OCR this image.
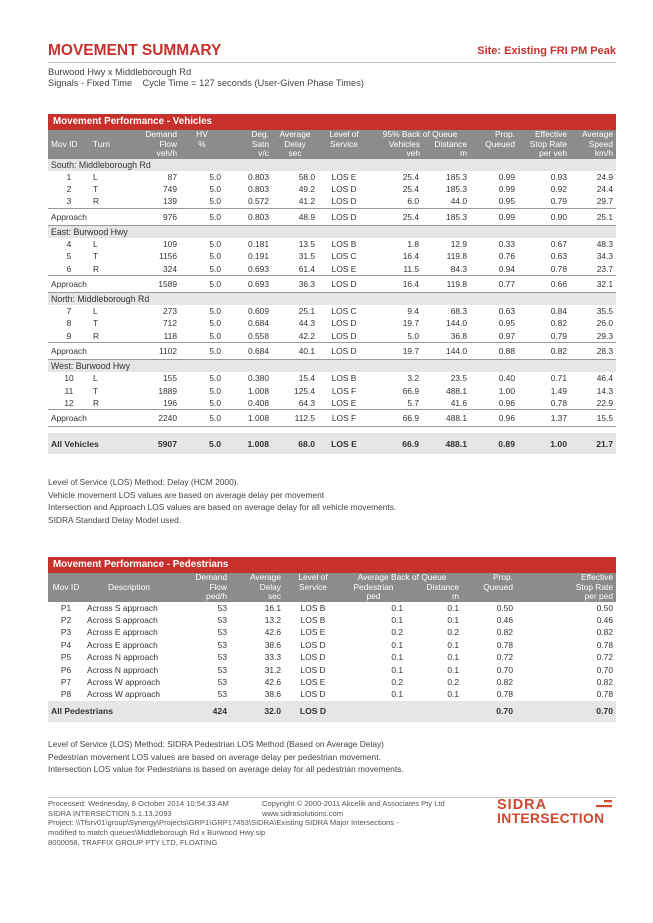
MOVEMENT SUMMARY	Site: Existing FRI PM Peak
Burwood Hwy x Middleborough Rd
Signals - Fixed Time    Cycle Time = 127 seconds (User-Given Phase Times)
Movement Performance - Vehicles
Mov ID	Turn	Demand
Flow
veh/h	HV
%	Deg.
Satn
v/c	Average
Delay
sec	Level of
Service	95% Back of Queue
Vehicles
veh
Distance
m		Prop.
Queued	Effective
Stop Rate
per veh	Average
Speed
km/h
South: Middleborough Rd											
1	L	87	5.0	0.803	58.0	LOS E	25.4	185.3	0.99	0.93	24.9
2	T	749	5.0	0.803	49.2	LOS D	25.4	185.3	0.99	0.92	24.4
3	R	139	5.0	0.572	41.2	LOS D	6.0	44.0	0.95	0.79	29.7
Approach		976	5.0	0.803	48.9	LOS D	25.4	185.3	0.99	0.90	25.1
East: Burwood Hwy											
4	L	109	5.0	0.181	13.5	LOS B	1.8	12.9	0.33	0.67	48.3
5	T	1156	5.0	0.191	31.5	LOS C	16.4	119.8	0.76	0.63	34.3
6	R	324	5.0	0.693	61.4	LOS E	11.5	84.3	0.94	0.78	23.7
Approach		1589	5.0	0.693	36.3	LOS D	16.4	119.8	0.77	0.66	32.1
North: Middleborough Rd											
7	L	273	5.0	0.609	25.1	LOS C	9.4	68.3	0.63	0.84	35.5
8	T	712	5.0	0.684	44.3	LOS D	19.7	144.0	0.95	0.82	26.0
9	R	118	5.0	0.558	42.2	LOS D	5.0	36.8	0.97	0.79	29.3
Approach		1102	5.0	0.684	40.1	LOS D	19.7	144.0	0.88	0.82	28.3
West: Burwood Hwy											
10	L	155	5.0	0.380	15.4	LOS B	3.2	23.5	0.40	0.71	46.4
11	T	1889	5.0	1.008	125.4	LOS F	66.9	488.1	1.00	1.49	14.3
12	R	196	5.0	0.408	64.3	LOS E	5.7	41.6	0.96	0.78	22.9
Approach		2240	5.0	1.008	112.5	LOS F	66.9	488.1	0.96	1.37	15.5

All Vehicles		5907	5.0	1.008	68.0	LOS E	66.9	488.1	0.89	1.00	21.7
Level of Service (LOS) Method: Delay (HCM 2000).
Vehicle movement LOS values are based on average delay per movement
Intersection and Approach LOS values are based on average delay for all vehicle movements.
SIDRA Standard Delay Model used.
Movement Performance - Pedestrians
Mov ID	Description	Demand
Flow
ped/h	Average
Delay
sec	Level of
Service	Average Back of Queue
Pedestrian
ped
Distance
m		Prop.
Queued	Effective
Stop Rate
per ped
P1	Across S approach	53	16.1	LOS B	0.1	0.1	0.50	0.50
P2	Across S approach	53	13.2	LOS B	0.1	0.1	0.46	0.46
P3	Across E approach	53	42.6	LOS E	0.2	0.2	0.82	0.82
P4	Across E approach	53	38.6	LOS D	0.1	0.1	0.78	0.78
P5	Across N approach	53	33.3	LOS D	0.1	0.1	0.72	0.72
P6	Across N approach	53	31.2	LOS D	0.1	0.1	0.70	0.70
P7	Across W approach	53	42.6	LOS E	0.2	0.2	0.82	0.82
P8	Across W approach	53	38.6	LOS D	0.1	0.1	0.78	0.78
All Pedestrians		424	32.0	LOS D			0.70	0.70
Level of Service (LOS) Method: SIDRA Pedestrian LOS Method (Based on Average Delay)
Pedestrian movement LOS values are based on average delay per pedestrian movement.
Intersection LOS value for Pedestrians is based on average delay for all pedestrian movements.
Processed: Wednesday, 8 October 2014 10:54:33 AM
SIDRA INTERSECTION 5.1.13.2093
Copyright © 2000-2011 Akcelik and Associates Pty Ltd
www.sidrasolutions.com
Project: \\Tfsrv01\group\Synergy\Projects\GRP1\GRP17453\SIDRA\Existing SIDRA Major Intersections -
modified to match queues\Middleborough Rd x Burwood Hwy.sip
8000058, TRAFFIX GROUP PTY LTD, FLOATING
SIDRA
INTERSECTION
